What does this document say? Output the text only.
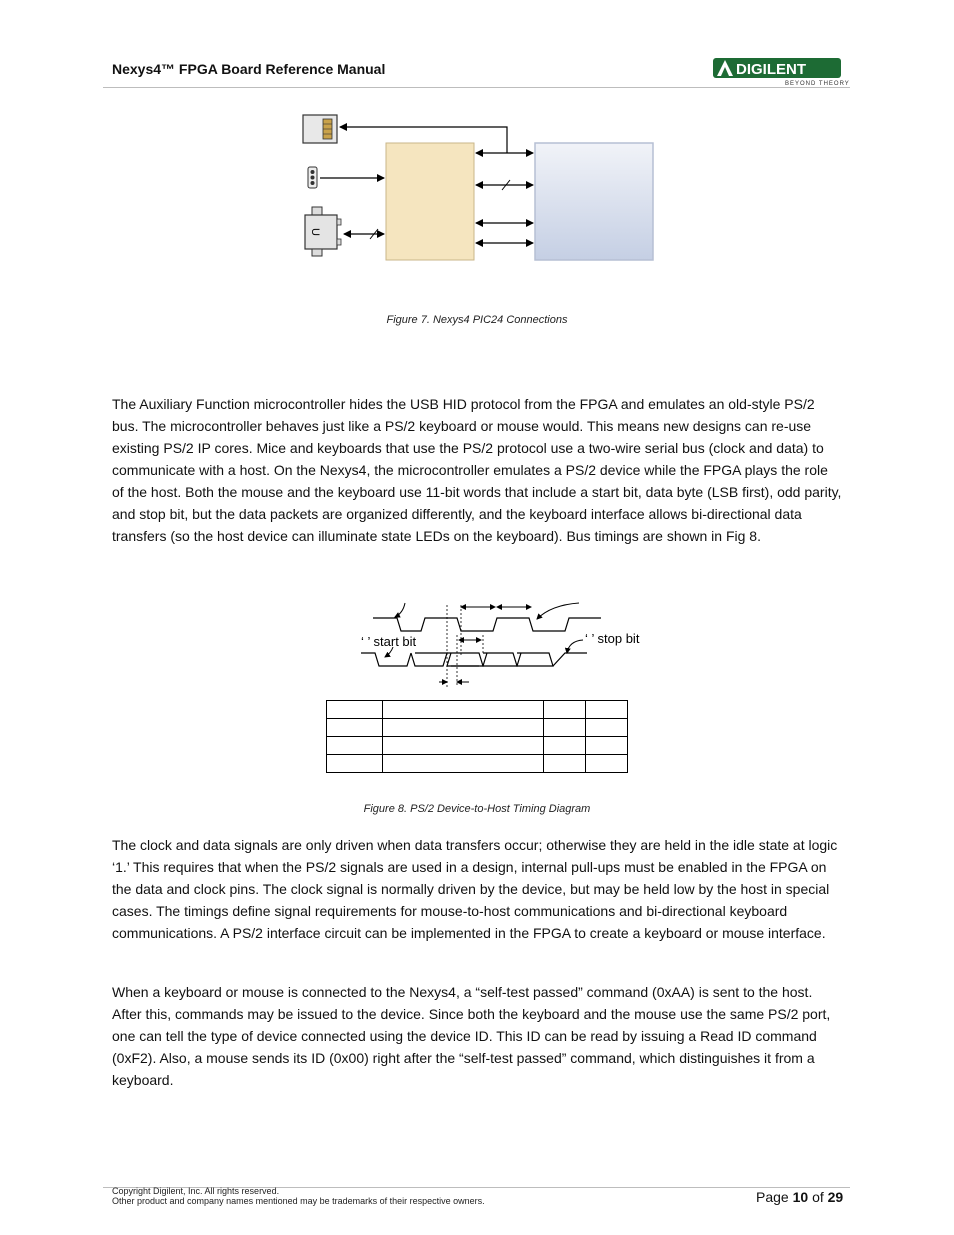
Nexys4™ FPGA Board Reference Manual	DIGILENT
BEYOND THEORY
U
Figure 7. Nexys4 PIC24 Connections

The Auxiliary Function microcontroller hides the USB HID protocol from the FPGA and emulates an old-style PS/2 bus. The microcontroller behaves just like a PS/2 keyboard or mouse would. This means new designs can re-use existing PS/2 IP cores. Mice and keyboards that use the PS/2 protocol use a two-wire serial bus (clock and data) to communicate with a host. On the Nexys4, the microcontroller emulates a PS/2 device while the FPGA plays the role of the host. Both the mouse and the keyboard use 11-bit words that include a start bit, data byte (LSB first), odd parity, and stop bit, but the data packets are organized differently, and the keyboard interface allows bi-directional data transfers (so the host device can illuminate state LEDs on the keyboard). Bus timings are shown in Fig 8.

‘ ’ start bit	‘ ’ stop bit

Figure 8. PS/2 Device-to-Host Timing Diagram

The clock and data signals are only driven when data transfers occur; otherwise they are held in the idle state at logic ‘1.’ This requires that when the PS/2 signals are used in a design, internal pull-ups must be enabled in the FPGA on the data and clock pins. The clock signal is normally driven by the device, but may be held low by the host in special cases. The timings define signal requirements for mouse-to-host communications and bi-directional keyboard communications. A PS/2 interface circuit can be implemented in the FPGA to create a keyboard or mouse interface.

When a keyboard or mouse is connected to the Nexys4, a “self-test passed” command (0xAA) is sent to the host. After this, commands may be issued to the device. Since both the keyboard and the mouse use the same PS/2 port, one can tell the type of device connected using the device ID. This ID can be read by issuing a Read ID command (0xF2). Also, a mouse sends its ID (0x00) right after the “self-test passed” command, which distinguishes it from a keyboard.

Copyright Digilent, Inc. All rights reserved.
Other product and company names mentioned may be trademarks of their respective owners.	Page 10 of 29
